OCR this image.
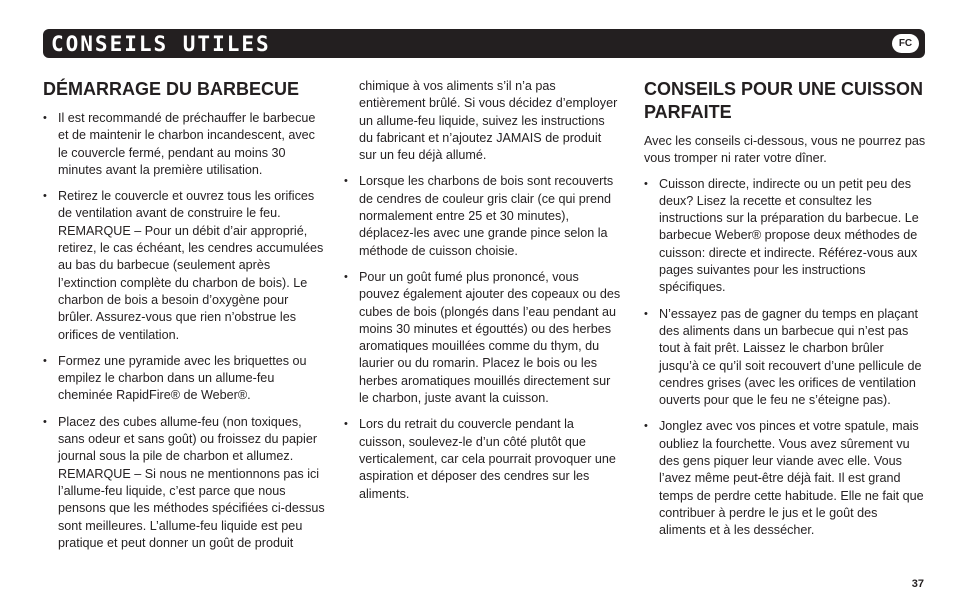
CONSEILS UTILES	FC
DÉMARRAGE DU BARBECUE
• Il est recommandé de préchauffer le barbecue et de maintenir le charbon incandescent, avec le couvercle fermé, pendant au moins 30 minutes avant la première utilisation.
• Retirez le couvercle et ouvrez tous les orifices de ventilation avant de construire le feu. REMARQUE – Pour un débit d’air approprié, retirez, le cas échéant, les cendres accumulées au bas du barbecue (seulement après l’extinction complète du charbon de bois). Le charbon de bois a besoin d’oxygène pour brûler. Assurez-vous que rien n’obstrue les orifices de ventilation.
• Formez une pyramide avec les briquettes ou empilez le charbon dans un allume-feu cheminée RapidFire® de Weber®.
• Placez des cubes allume-feu (non toxiques, sans odeur et sans goût) ou froissez du papier journal sous la pile de charbon et allumez. REMARQUE – Si nous ne mentionnons pas ici l’allume-feu liquide, c’est parce que nous pensons que les méthodes spécifiées ci-dessus sont meilleures. L’allume-feu liquide est peu pratique et peut donner un goût de produit

chimique à vos aliments s’il n’a pas entièrement brûlé. Si vous décidez d’employer un allume-feu liquide, suivez les instructions du fabricant et n’ajoutez JAMAIS de produit sur un feu déjà allumé.

• Lorsque les charbons de bois sont recouverts de cendres de couleur gris clair (ce qui prend normalement entre 25 et 30 minutes), déplacez-les avec une grande pince selon la méthode de cuisson choisie.
• Pour un goût fumé plus prononcé, vous pouvez également ajouter des copeaux ou des cubes de bois (plongés dans l’eau pendant au moins 30 minutes et égouttés) ou des herbes aromatiques mouillées comme du thym, du laurier ou du romarin. Placez le bois ou les herbes aromatiques mouillés directement sur le charbon, juste avant la cuisson.
• Lors du retrait du couvercle pendant la cuisson, soulevez-le d’un côté plutôt que verticalement, car cela pourrait provoquer une aspiration et déposer des cendres sur les aliments.
CONSEILS POUR UNE CUISSON PARFAITE

Avec les conseils ci-dessous, vous ne pourrez pas vous tromper ni rater votre dîner.

• Cuisson directe, indirecte ou un petit peu des deux? Lisez la recette et consultez les instructions sur la préparation du barbecue. Le barbecue Weber® propose deux méthodes de cuisson: directe et indirecte. Référez-vous aux pages suivantes pour les instructions spécifiques.
• N’essayez pas de gagner du temps en plaçant des aliments dans un barbecue qui n’est pas tout à fait prêt. Laissez le charbon brûler jusqu’à ce qu’il soit recouvert d’une pellicule de cendres grises (avec les orifices de ventilation ouverts pour que le feu ne s’éteigne pas).
• Jonglez avec vos pinces et votre spatule, mais oubliez la fourchette. Vous avez sûrement vu des gens piquer leur viande avec elle. Vous l’avez même peut-être déjà fait. Il est grand temps de perdre cette habitude. Elle ne fait que contribuer à perdre le jus et le goût des aliments et à les dessécher.
37
